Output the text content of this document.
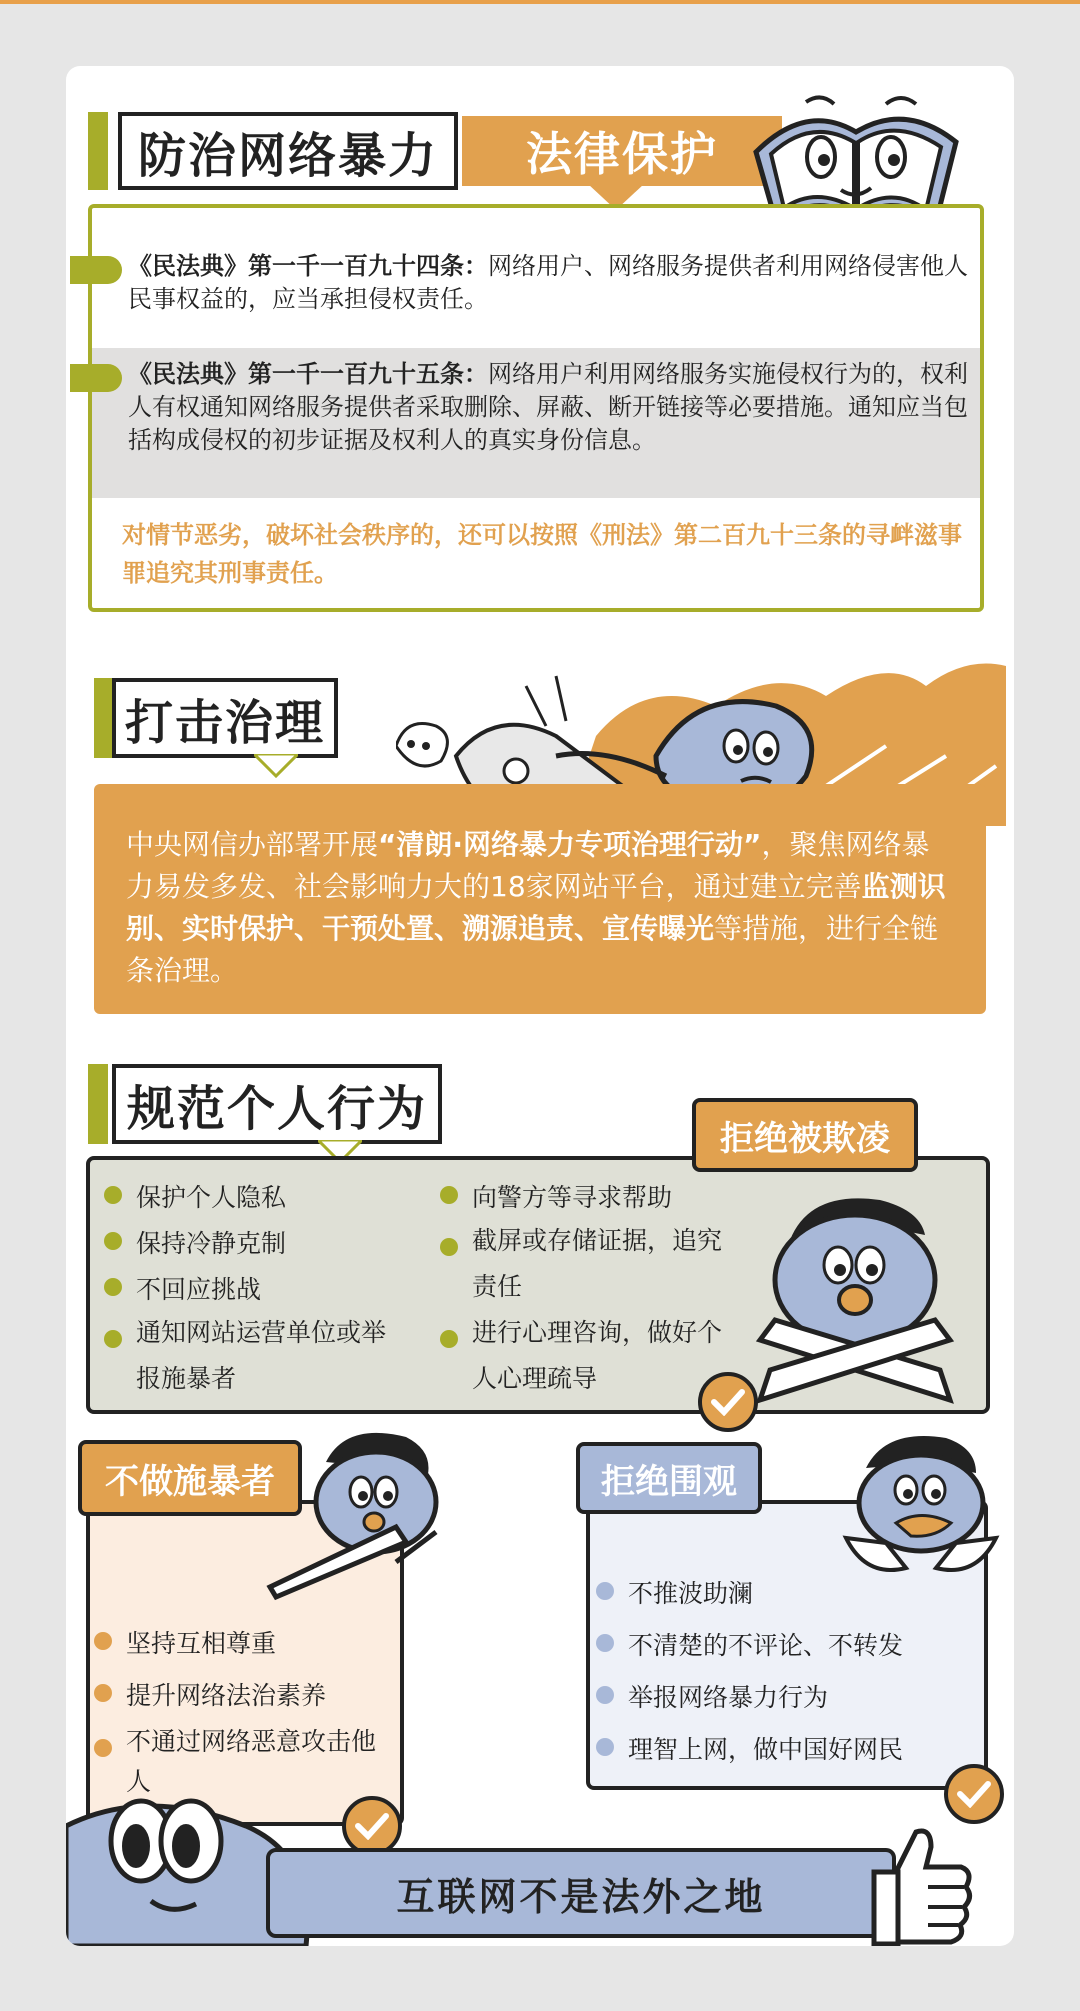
防治网络暴力	法律保护
《民法典》第一千一百九十四条：网络用户、网络服务提供者利用网络侵害他人民事权益的，应当承担侵权责任。
《民法典》第一千一百九十五条：网络用户利用网络服务实施侵权行为的，权利人有权通知网络服务提供者采取删除、屏蔽、断开链接等必要措施。通知应当包括构成侵权的初步证据及权利人的真实身份信息。
对情节恶劣，破坏社会秩序的，还可以按照《刑法》第二百九十三条的寻衅滋事罪追究其刑事责任。
打击治理
中央网信办部署开展“清朗·网络暴力专项治理行动”，聚焦网络暴力易发多发、社会影响力大的18家网站平台，通过建立完善监测识别、实时保护、干预处置、溯源追责、宣传曝光等措施，进行全链条治理。
规范个人行为
保护个人隐私
保持冷静克制
不回应挑战
通知网站运营单位或举报施暴者
向警方等寻求帮助
截屏或存储证据，追究责任
进行心理咨询，做好个人心理疏导
拒绝被欺凌
坚持互相尊重
提升网络法治素养
不通过网络恶意攻击他人
不做施暴者
不推波助澜
不清楚的不评论、不转发
举报网络暴力行为
理智上网，做中国好网民
拒绝围观
互联网不是法外之地
